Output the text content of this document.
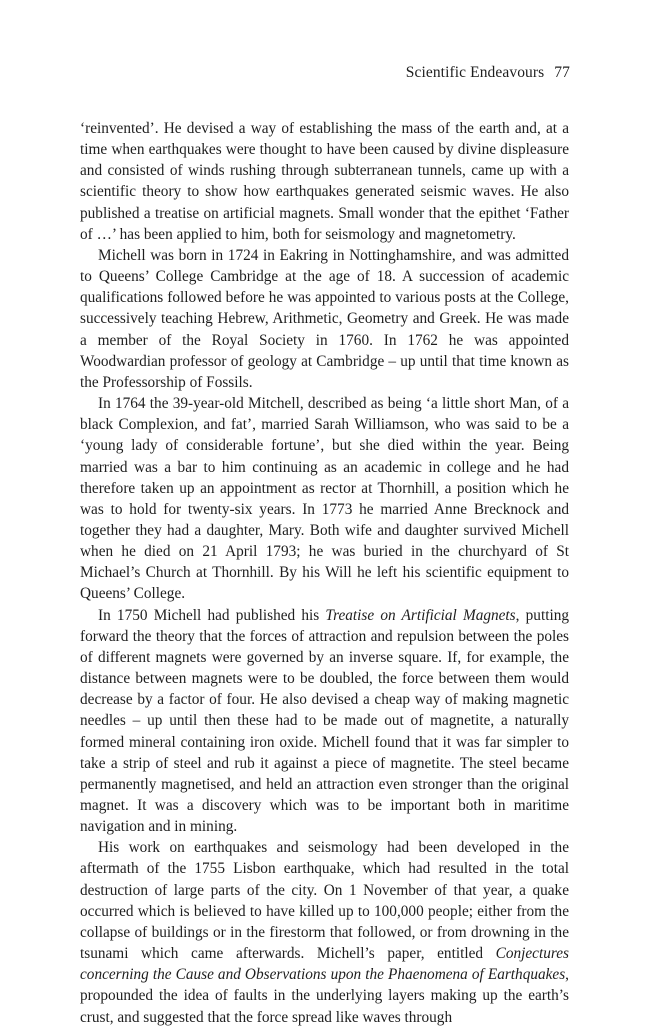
Scientific Endeavours 77

‘reinvented’. He devised a way of establishing the mass of the earth and, at a time when earthquakes were thought to have been caused by divine displeasure and consisted of winds rushing through subterranean tunnels, came up with a scientific theory to show how earthquakes generated seismic waves. He also published a treatise on artificial magnets. Small wonder that the epithet ‘Father of …’ has been applied to him, both for seismology and magnetometry.

Michell was born in 1724 in Eakring in Nottinghamshire, and was admitted to Queens’ College Cambridge at the age of 18. A succession of academic qualifications followed before he was appointed to various posts at the College, successively teaching Hebrew, Arithmetic, Geometry and Greek. He was made a member of the Royal Society in 1760. In 1762 he was appointed Woodwardian professor of geology at Cambridge – up until that time known as the Professorship of Fossils.

In 1764 the 39-year-old Mitchell, described as being ‘a little short Man, of a black Complexion, and fat’, married Sarah Williamson, who was said to be a ‘young lady of considerable fortune’, but she died within the year. Being married was a bar to him continuing as an academic in college and he had therefore taken up an appointment as rector at Thornhill, a position which he was to hold for twenty-six years. In 1773 he married Anne Brecknock and together they had a daughter, Mary. Both wife and daughter survived Michell when he died on 21 April 1793; he was buried in the churchyard of St Michael’s Church at Thornhill. By his Will he left his scientific equipment to Queens’ College.

In 1750 Michell had published his Treatise on Artificial Magnets, putting forward the theory that the forces of attraction and repulsion between the poles of different magnets were governed by an inverse square. If, for example, the distance between magnets were to be doubled, the force between them would decrease by a factor of four. He also devised a cheap way of making magnetic needles – up until then these had to be made out of magnetite, a naturally formed mineral containing iron oxide. Michell found that it was far simpler to take a strip of steel and rub it against a piece of magnetite. The steel became permanently magnetised, and held an attraction even stronger than the original magnet. It was a discovery which was to be important both in maritime navigation and in mining.

His work on earthquakes and seismology had been developed in the aftermath of the 1755 Lisbon earthquake, which had resulted in the total destruction of large parts of the city. On 1 November of that year, a quake occurred which is believed to have killed up to 100,000 people; either from the collapse of buildings or in the firestorm that followed, or from drowning in the tsunami which came afterwards. Michell’s paper, entitled Conjectures concerning the Cause and Observations upon the Phaenomena of Earthquakes, propounded the idea of faults in the underlying layers making up the earth’s crust, and suggested that the force spread like waves through
